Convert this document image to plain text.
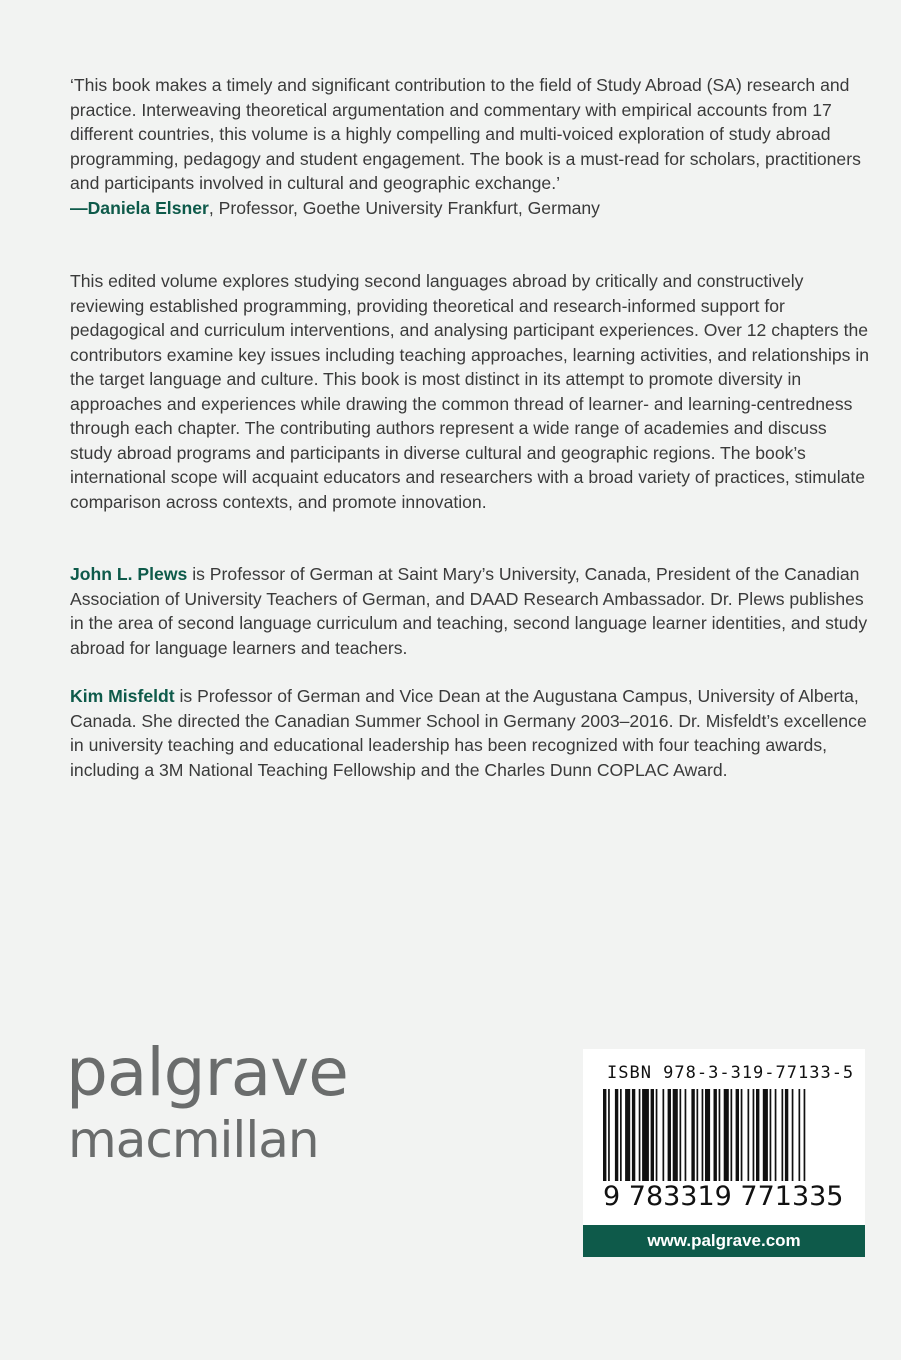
‘This book makes a timely and significant contribution to the field of Study Abroad (SA) research and practice. Interweaving theoretical argumentation and commentary with empirical accounts from 17 different countries, this volume is a highly compelling and multi-voiced exploration of study abroad programming, pedagogy and student engagement. The book is a must-read for scholars, practitioners and participants involved in cultural and geographic exchange.’
—Daniela Elsner, Professor, Goethe University Frankfurt, Germany

This edited volume explores studying second languages abroad by critically and constructively reviewing established programming, providing theoretical and research-informed support for pedagogical and curriculum interventions, and analysing participant experiences. Over 12 chapters the contributors examine key issues including teaching approaches, learning activities, and relationships in the target language and culture. This book is most distinct in its attempt to promote diversity in approaches and experiences while drawing the common thread of learner- and learning-centredness through each chapter. The contributing authors represent a wide range of academies and discuss study abroad programs and participants in diverse cultural and geographic regions. The book’s international scope will acquaint educators and researchers with a broad variety of practices, stimulate comparison across contexts, and promote innovation.

John L. Plews is Professor of German at Saint Mary’s University, Canada, President of the Canadian Association of University Teachers of German, and DAAD Research Ambassador. Dr. Plews publishes in the area of second language curriculum and teaching, second language learner identities, and study abroad for language learners and teachers.

Kim Misfeldt is Professor of German and Vice Dean at the Augustana Campus, University of Alberta, Canada. She directed the Canadian Summer School in Germany 2003–2016. Dr. Misfeldt’s excellence in university teaching and educational leadership has been recognized with four teaching awards, including a 3M National Teaching Fellowship and the Charles Dunn COPLAC Award.

palgrave
macmillan
ISBN 978-3-319-77133-5
9 783319 771335
www.palgrave.com
